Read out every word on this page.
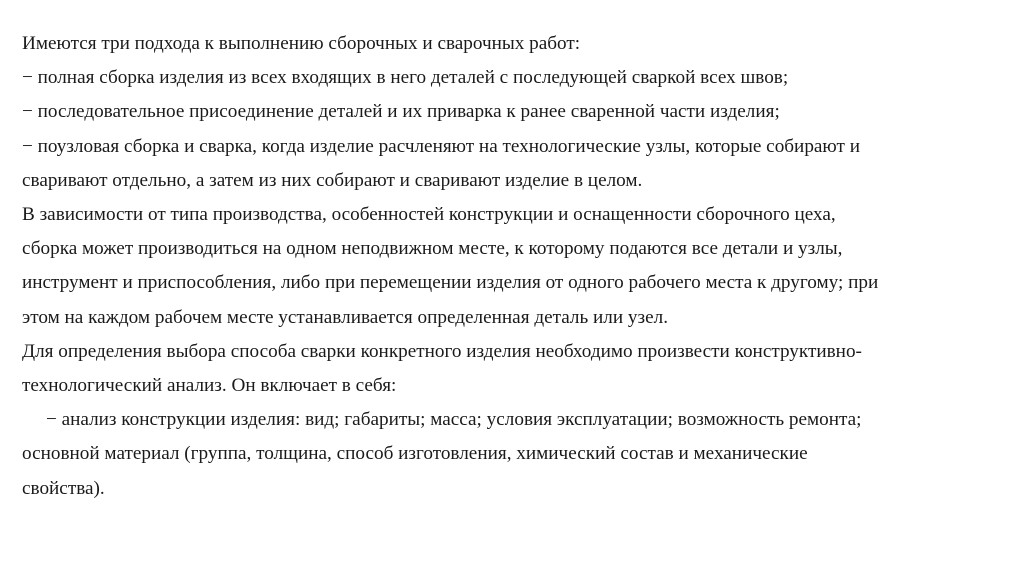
Имеются три подхода к выполнению сборочных и сварочных работ:
− полная сборка изделия из всех входящих в него деталей с последующей сваркой всех швов;
− последовательное присоединение деталей и их приварка к ранее сваренной части изделия;
− поузловая сборка и сварка, когда изделие расчленяют на технологические узлы, которые собирают и
сваривают отдельно, а затем из них собирают и сваривают изделие в целом.
В зависимости от типа производства, особенностей конструкции и оснащенности сборочного цеха,
сборка может производиться на одном неподвижном месте, к которому подаются все детали и узлы,
инструмент и приспособления, либо при перемещении изделия от одного рабочего места к другому; при
этом на каждом рабочем месте устанавливается определенная деталь или узел.
Для определения выбора способа сварки конкретного изделия необходимо произвести конструктивно-
технологический анализ. Он включает в себя:
− анализ конструкции изделия: вид; габариты; масса; условия эксплуатации; возможность ремонта;
основной материал (группа, толщина, способ изготовления, химический состав и механические
свойства).
